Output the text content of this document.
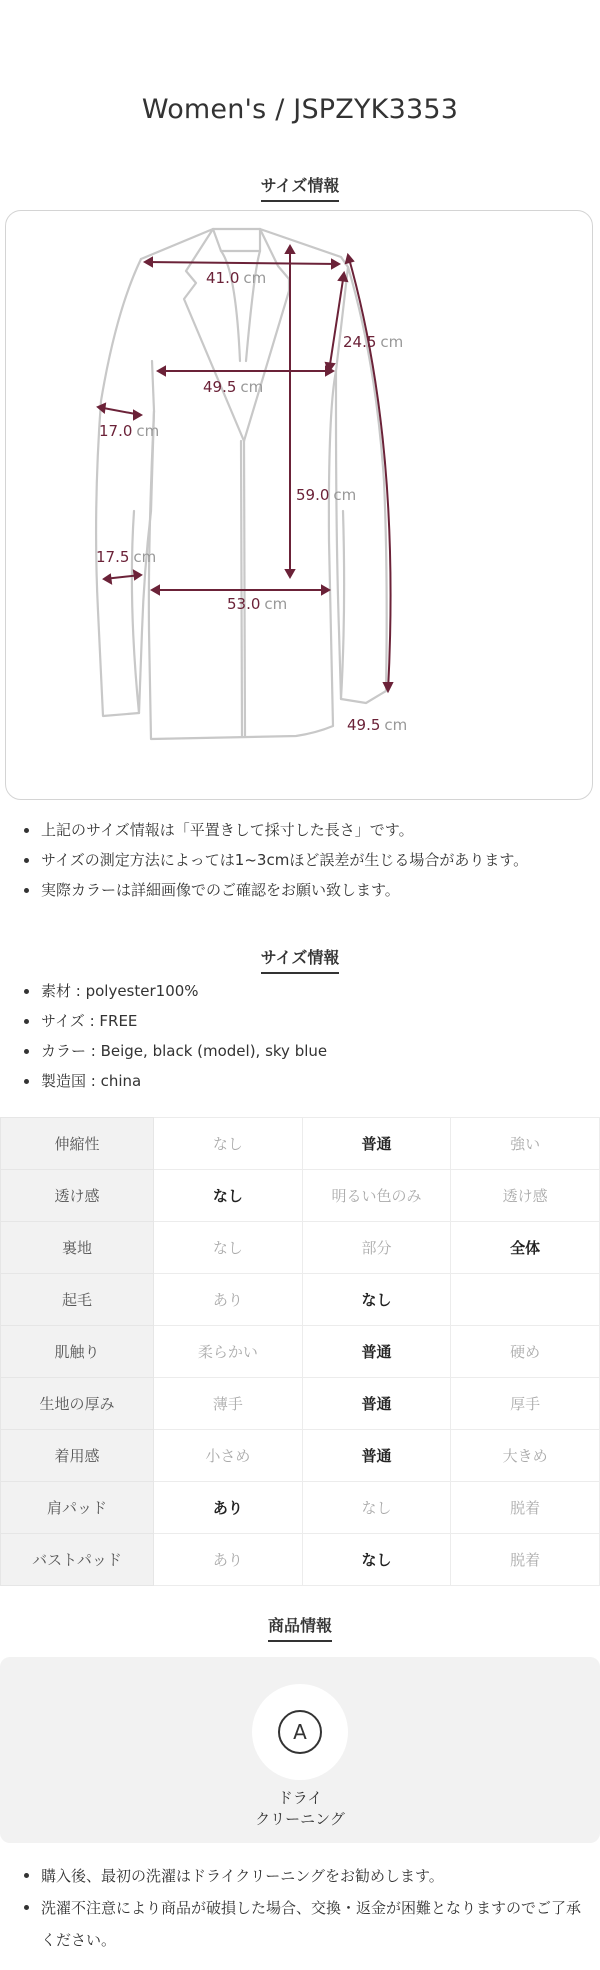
Women's / JSPZYK3353
サイズ情報
41.0 cm
24.5 cm
49.5 cm
17.0 cm
59.0 cm
17.5 cm
53.0 cm
49.5 cm
上記のサイズ情報は「平置きして採寸した長さ」です。
サイズの測定方法によっては1~3cmほど誤差が生じる場合があります。
実際カラーは詳細画像でのご確認をお願い致します。
サイズ情報
素材 : polyester100%
サイズ : FREE
カラー : Beige, black (model), sky blue
製造国 : china
伸縮性	なし	普通	強い
透け感	なし	明るい色のみ	透け感
裏地	なし	部分	全体
起毛	あり	なし	
肌触り	柔らかい	普通	硬め
生地の厚み	薄手	普通	厚手
着用感	小さめ	普通	大きめ
肩パッド	あり	なし	脱着
バストパッド	あり	なし	脱着
商品情報
A
ドライ
クリーニング
購入後、最初の洗濯はドライクリーニングをお勧めします。
洗濯不注意により商品が破損した場合、交換・返金が困難となりますのでご了承ください。
